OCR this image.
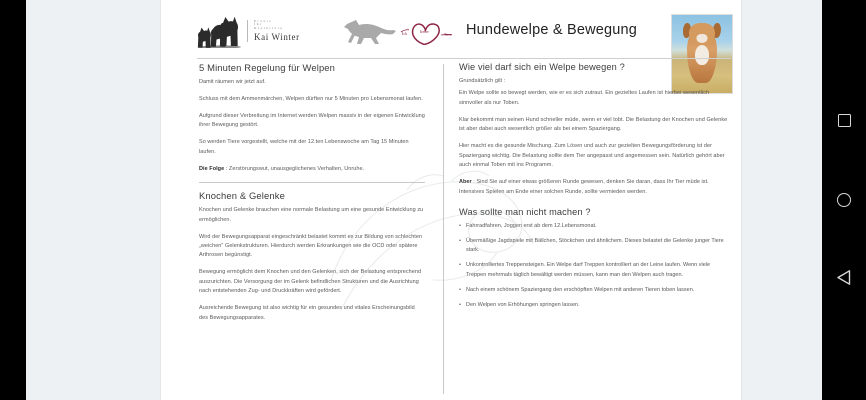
Praxis
für
Kleintiere
Kai Winter	Ich	liebe
Tiere Hundewelpe & Bewegung
5 Minuten Regelung für Welpen

Damit räumen wir jetzt auf.

Schluss mit dem Ammenmärchen, Welpen dürften nur 5 Minuten pro Lebensmonat laufen.

Aufgrund dieser Verbreitung im Internet werden Welpen massiv in der eigenen Entwicklung ihrer Bewegung gestört.

So werden Tiere vorgestellt, welche mit der 12.ten Lebenswoche am Tag 15 Minuten laufen.

Die Folge : Zerstörungswut, unausgeglichenes Verhalten, Unruhe.

Knochen & Gelenke

Knochen und Gelenke brauchen eine normale Belastung um eine gesunde Entwicklung zu ermöglichen.

Wird der Bewegungsapparat eingeschränkt belastet kommt es zur Bildung von schlechten „weichen" Gelenkstrukturen. Hierdurch werden Erkrankungen wie die OCD oder spätere Arthrosen begünstigt.

Bewegung ermöglicht dem Knochen und den Gelenken, sich der Belastung entsprechend auszurichten. Die Versorgung der im Gelenk befindlichen Strukturen und die Ausrichtung nach entstehenden Zug- und Druckkräften wird gefördert.

Ausreichende Bewegung ist also wichtig für ein gesundes und vitales Erscheinungsbild des Bewegungsapparates.

Wie viel darf sich ein Welpe bewegen ?

Grundsätzlich gilt :

Ein Welpe sollte so bewegt werden, wie er es sich zutraut. Ein gezieltes Laufen ist hierbei wesentlich sinnvoller als nur Toben.

Klar bekommt man seinen Hund schneller müde, wenn er viel tobt. Die Belastung der Knochen und Gelenke ist aber dabei auch wesentlich größer als bei einem Spaziergang.

Hier macht es die gesunde Mischung. Zum Lösen und auch zur gezielten Bewegungsförderung ist der Spaziergang wichtig. Die Belastung sollte dem Tier angepasst und angemessen sein. Natürlich gehört aber auch einmal Toben mit ins Programm.

Aber : Sind Sie auf einer etwas größeren Runde gewesen, denken Sie daran, dass Ihr Tier müde ist. Intensives Spielen am Ende einer solchen Runde, sollte vermieden werden.

Was sollte man nicht machen ?
• Fahrradfahren, Joggen erst ab dem 12.Lebensmonat.
• Übermäßige Jagdspiele mit Bällchen, Stöckchen und ähnlichem. Dieses belastet die Gelenke junger Tiere stark.
• Unkontrolliertes Treppensteigen. Ein Welpe darf Treppen kontrolliert an der Leine laufen. Wenn viele Treppen mehrmals täglich bewältigt werden müssen, kann man den Welpen auch tragen.
• Nach einem schönem Spaziergang den erschöpften Welpen mit anderen Tieren toben lassen.
• Den Welpen von Erhöhungen springen lassen.
